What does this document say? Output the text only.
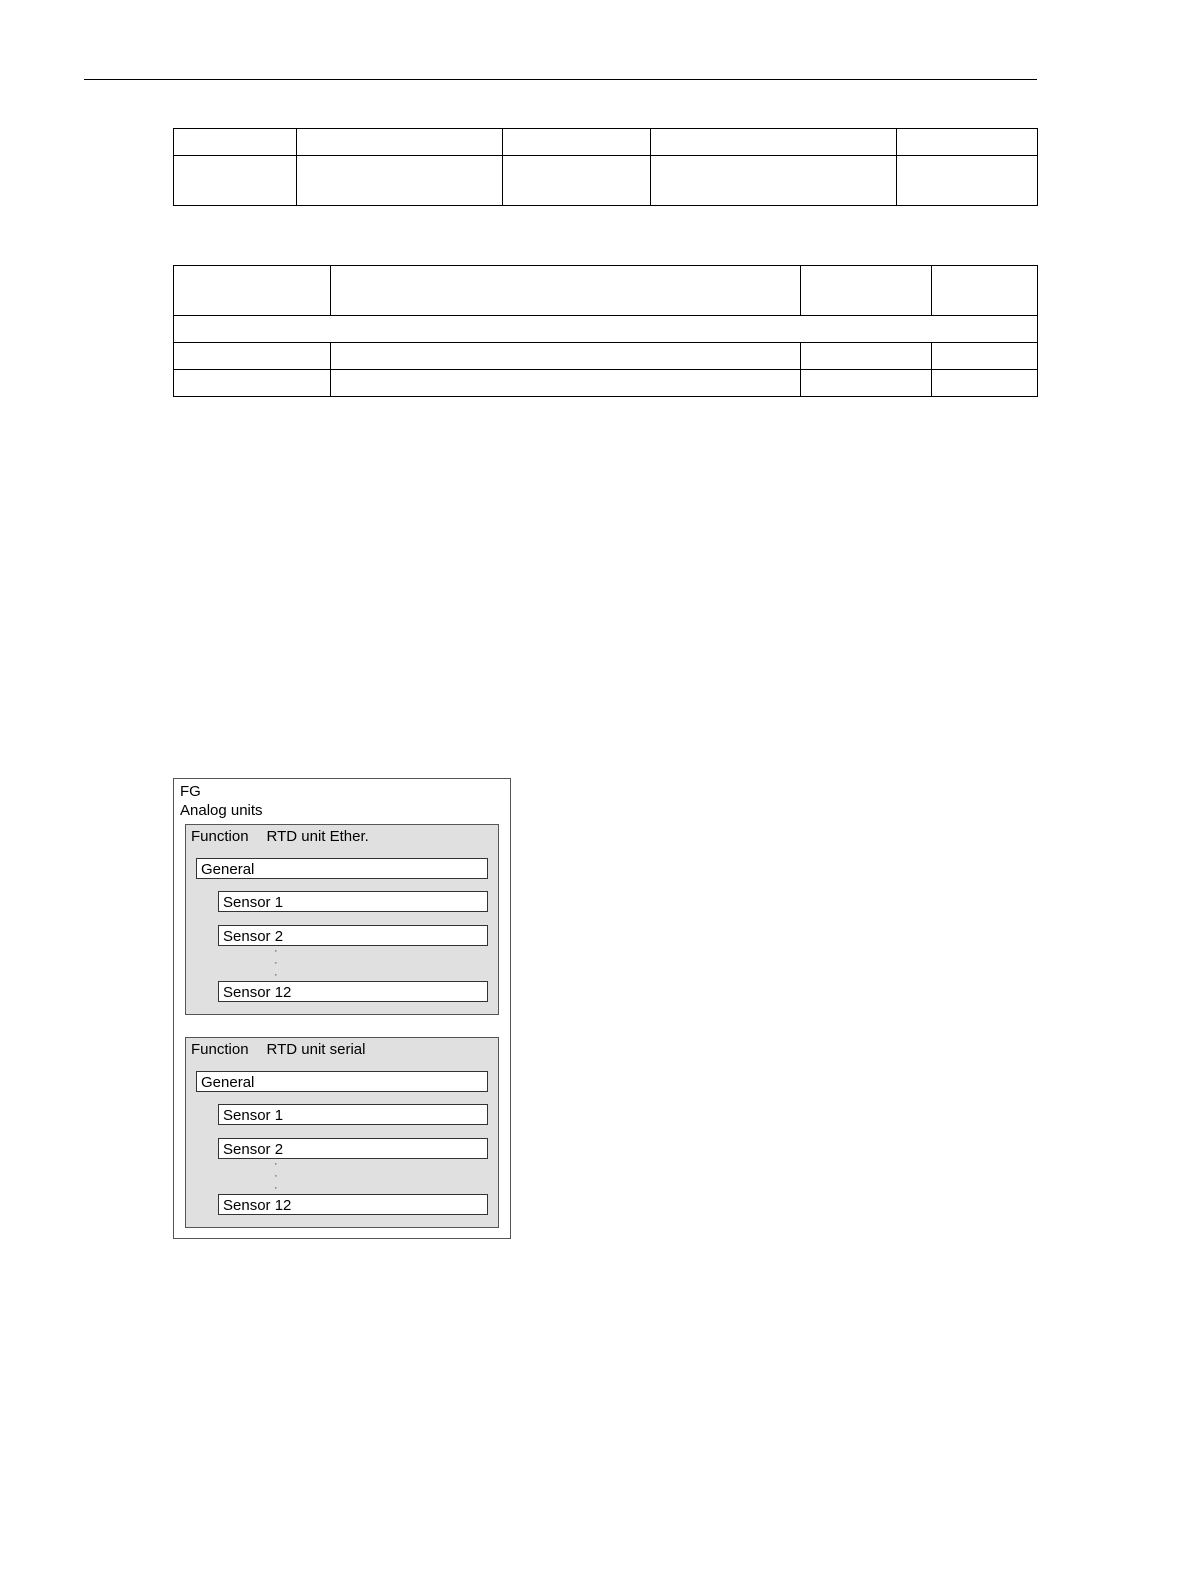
FG
Analog units
Function RTD unit Ether.
General
Sensor 1
Sensor 2
·
·
·
Sensor 12
Function RTD unit serial
General
Sensor 1
Sensor 2
·
·
·
Sensor 12
